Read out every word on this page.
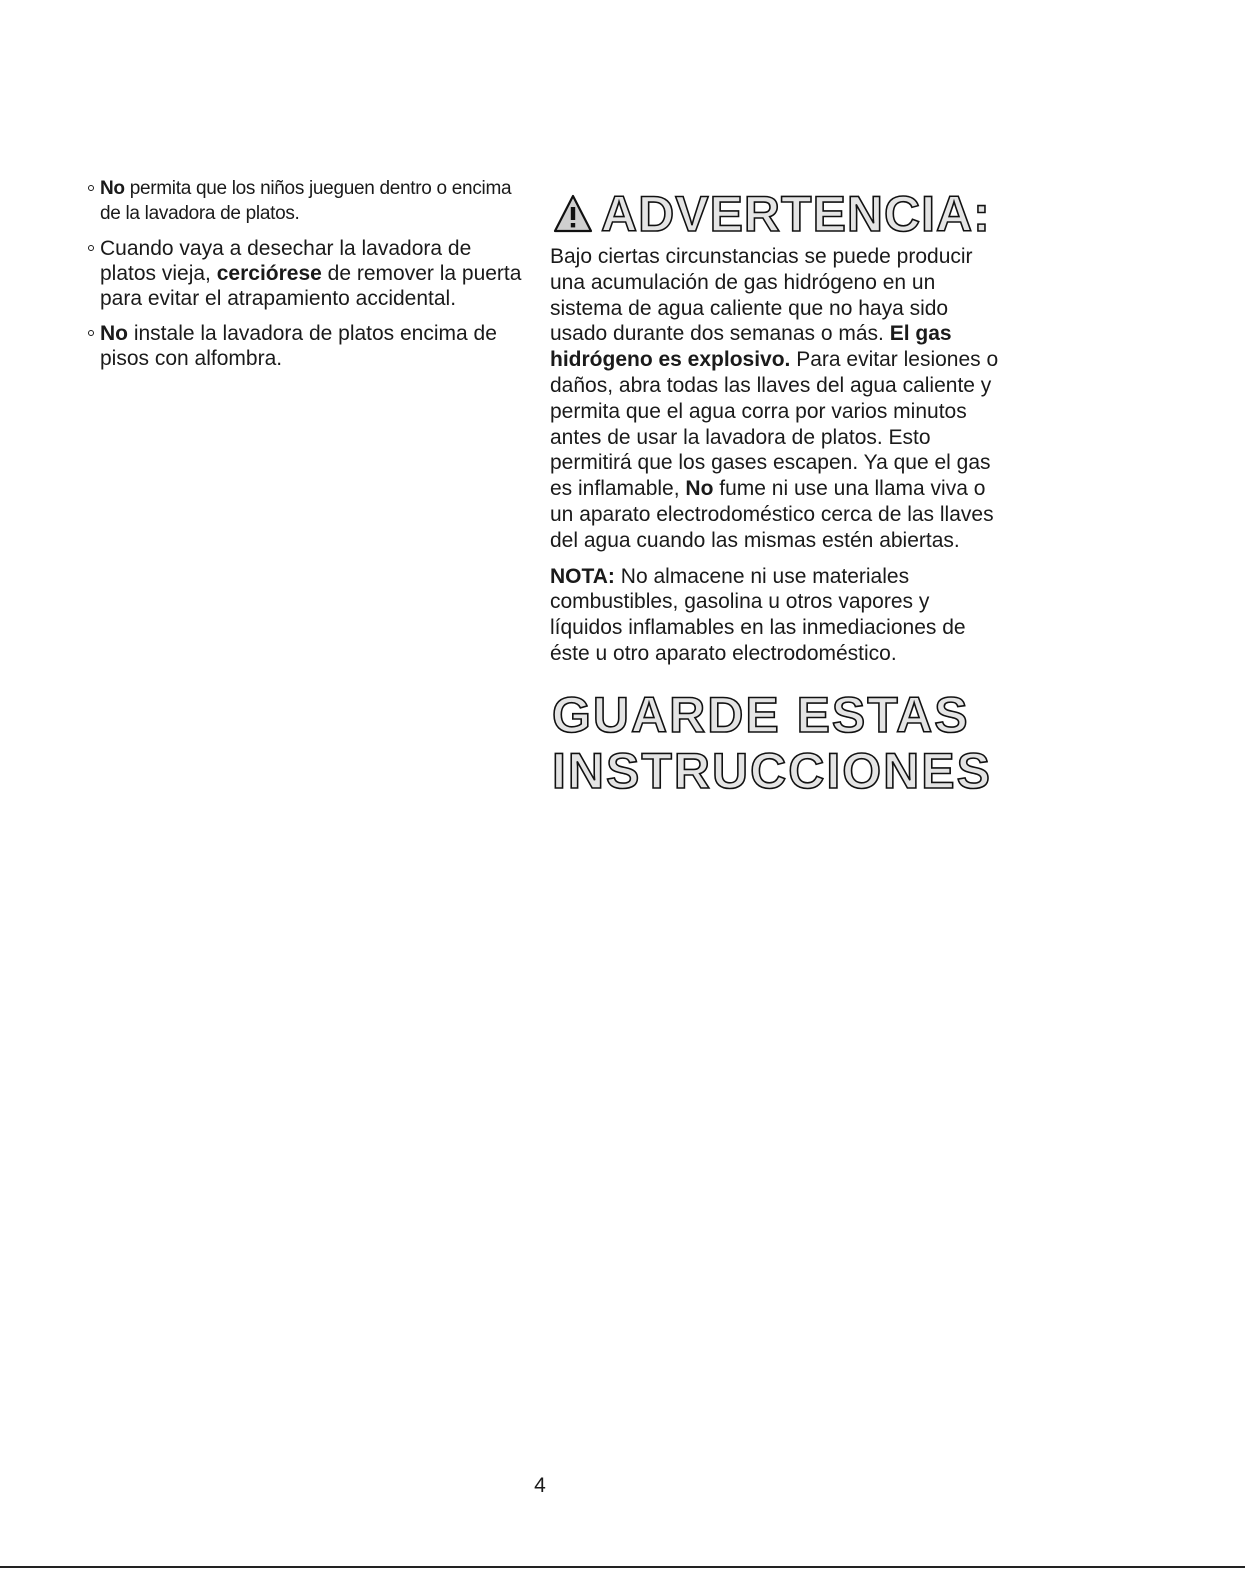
No permita que los niños jueguen dentro o encima de la lavadora de platos.

Cuando vaya a desechar la lavadora de platos vieja, cerciórese de remover la puerta para evitar el atrapamiento accidental.

No instale la lavadora de platos encima de pisos con alfombra.

ADVERTENCIA:

Bajo ciertas circunstancias se puede producir una acumulación de gas hidrógeno en un sistema de agua caliente que no haya sido usado durante dos semanas o más. El gas hidrógeno es explosivo. Para evitar lesiones o daños, abra todas las llaves del agua caliente y permita que el agua corra por varios minutos antes de usar la lavadora de platos. Esto permitirá que los gases escapen. Ya que el gas es inflamable, No fume ni use una llama viva o un aparato electrodoméstico cerca de las llaves del agua cuando las mismas estén abiertas.

NOTA: No almacene ni use materiales combustibles, gasolina u otros vapores y líquidos inflamables en las inmediaciones de éste u otro aparato electrodoméstico.

GUARDE ESTAS
INSTRUCCIONES
4
